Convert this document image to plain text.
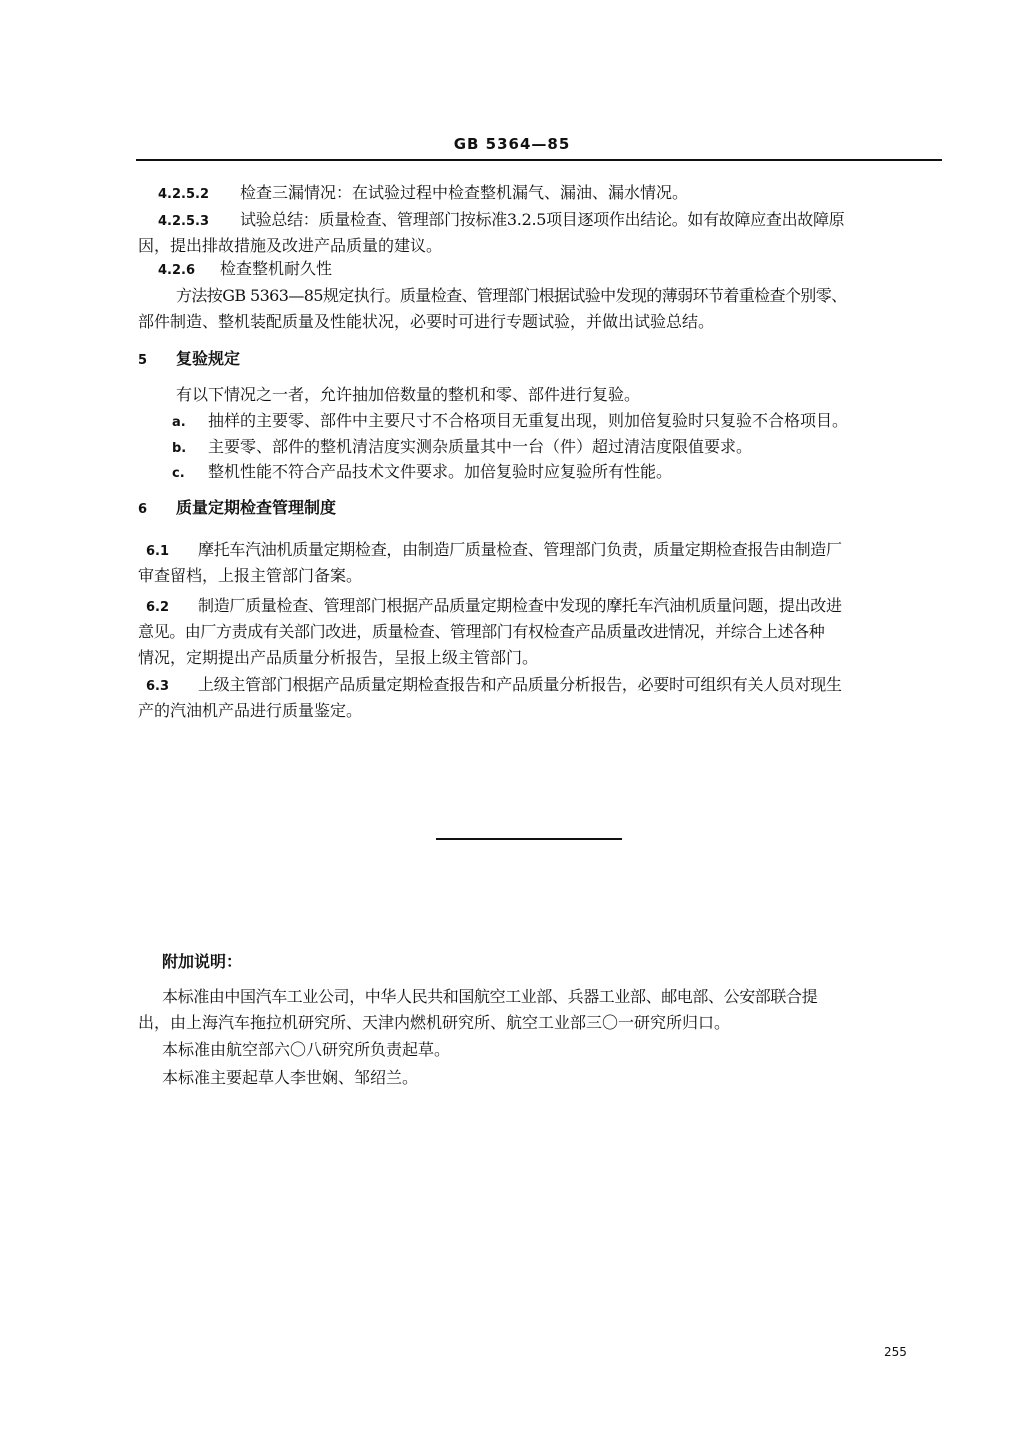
GB 5364—85
4.2.5.2 检查三漏情况：在试验过程中检查整机漏气、漏油、漏水情况。
4.2.5.3 试验总结：质量检查、管理部门按标准3.2.5项目逐项作出结论。如有故障应查出故障原
因，提出排故措施及改进产品质量的建议。
4.2.6 检查整机耐久性
方法按GB 5363—85规定执行。质量检查、管理部门根据试验中发现的薄弱环节着重检查个别零、
部件制造、整机装配质量及性能状况，必要时可进行专题试验，并做出试验总结。
5 复验规定
有以下情况之一者，允许抽加倍数量的整机和零、部件进行复验。
a. 抽样的主要零、部件中主要尺寸不合格项目无重复出现，则加倍复验时只复验不合格项目。
b. 主要零、部件的整机清洁度实测杂质量其中一台（件）超过清洁度限值要求。
c. 整机性能不符合产品技术文件要求。加倍复验时应复验所有性能。
6 质量定期检查管理制度
6.1 摩托车汽油机质量定期检查，由制造厂质量检查、管理部门负责，质量定期检查报告由制造厂
审查留档，上报主管部门备案。
6.2 制造厂质量检查、管理部门根据产品质量定期检查中发现的摩托车汽油机质量问题，提出改进
意见。由厂方责成有关部门改进，质量检查、管理部门有权检查产品质量改进情况，并综合上述各种
情况，定期提出产品质量分析报告，呈报上级主管部门。
6.3 上级主管部门根据产品质量定期检查报告和产品质量分析报告，必要时可组织有关人员对现生
产的汽油机产品进行质量鉴定。
附加说明：
本标准由中国汽车工业公司，中华人民共和国航空工业部、兵器工业部、邮电部、公安部联合提
出，由上海汽车拖拉机研究所、天津内燃机研究所、航空工业部三〇一研究所归口。
本标准由航空部六〇八研究所负责起草。
本标准主要起草人李世娴、邹绍兰。
255
